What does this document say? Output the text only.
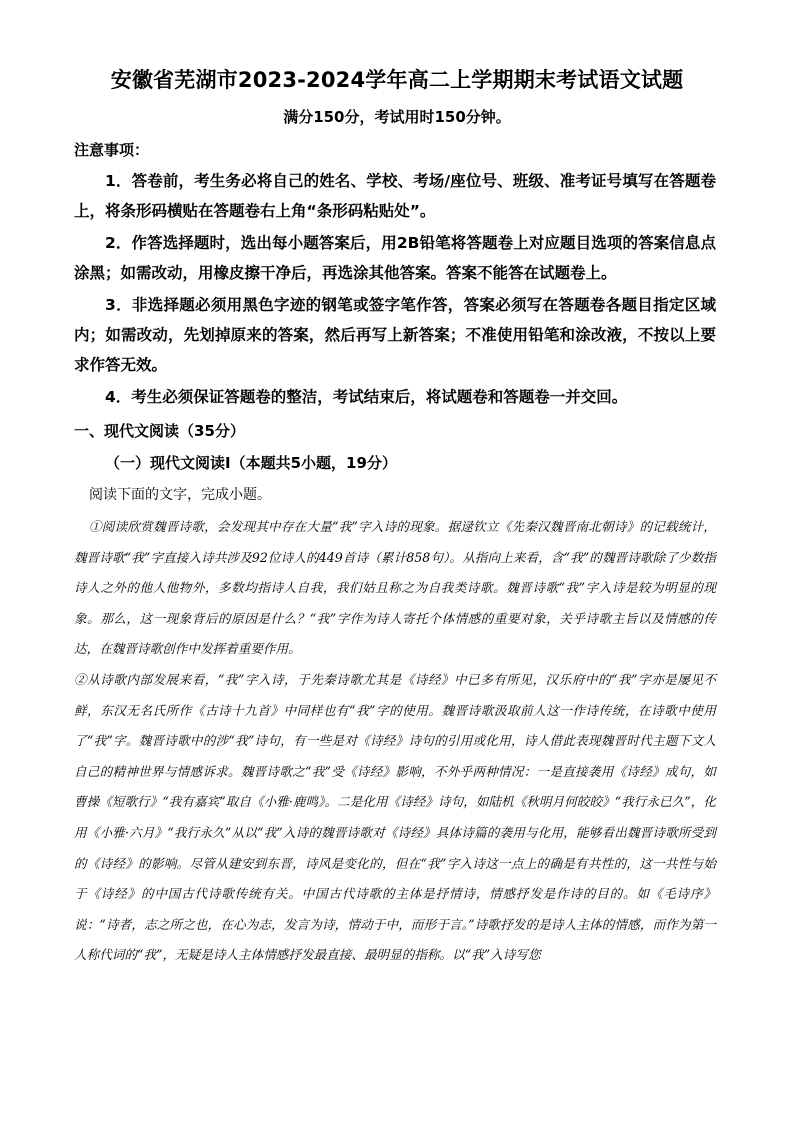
安徽省芜湖市2023-2024学年高二上学期期末考试语文试题
满分150分，考试用时150分钟。
注意事项：

1．答卷前，考生务必将自己的姓名、学校、考场/座位号、班级、准考证号填写在答题卷上，将条形码横贴在答题卷右上角“条形码粘贴处”。

2．作答选择题时，选出每小题答案后，用2B铅笔将答题卷上对应题目选项的答案信息点涂黑；如需改动，用橡皮擦干净后，再选涂其他答案。答案不能答在试题卷上。

3．非选择题必须用黑色字迹的钢笔或签字笔作答，答案必须写在答题卷各题目指定区域内；如需改动，先划掉原来的答案，然后再写上新答案；不准使用铅笔和涂改液，不按以上要求作答无效。

4．考生必须保证答题卷的整洁，考试结束后，将试题卷和答题卷一并交回。

一、现代文阅读（35分）
（一）现代文阅读Ⅰ（本题共5小题，19分）
阅读下面的文字，完成小题。

①阅读欣赏魏晋诗歌，会发现其中存在大量“我”字入诗的现象。据逯钦立《先秦汉魏晋南北朝诗》的记载统计，魏晋诗歌“我”字直接入诗共涉及92位诗人的449首诗（累计858句）。从指向上来看，含“我”的魏晋诗歌除了少数指诗人之外的他人他物外，多数均指诗人自我，我们姑且称之为自我类诗歌。魏晋诗歌“我”字入诗是较为明显的现象。那么，这一现象背后的原因是什么？“我”字作为诗人寄托个体情感的重要对象，关乎诗歌主旨以及情感的传达，在魏晋诗歌创作中发挥着重要作用。

②从诗歌内部发展来看，“我”字入诗，于先秦诗歌尤其是《诗经》中已多有所见，汉乐府中的“我”字亦是屡见不鲜，东汉无名氏所作《古诗十九首》中同样也有“我”字的使用。魏晋诗歌汲取前人这一作诗传统，在诗歌中使用了“我”字。魏晋诗歌中的涉“我”诗句，有一些是对《诗经》诗句的引用或化用，诗人借此表现魏晋时代主题下文人自己的精神世界与情感诉求。魏晋诗歌之“我”受《诗经》影响，不外乎两种情况：一是直接袭用《诗经》成句，如曹操《短歌行》“我有嘉宾”取自《小雅·鹿鸣》。二是化用《诗经》诗句，如陆机《秋明月何皎皎》“我行永已久”，化用《小雅·六月》“我行永久”从以“我”入诗的魏晋诗歌对《诗经》具体诗篇的袭用与化用，能够看出魏晋诗歌所受到的《诗经》的影响。尽管从建安到东晋，诗风是变化的，但在“我”字入诗这一点上的确是有共性的，这一共性与始于《诗经》的中国古代诗歌传统有关。中国古代诗歌的主体是抒情诗，情感抒发是作诗的目的。如《毛诗序》说：“诗者，志之所之也，在心为志，发言为诗，情动于中，而形于言。”诗歌抒发的是诗人主体的情感，而作为第一人称代词的“我”，无疑是诗人主体情感抒发最直接、最明显的指称。以“我”入诗写您
